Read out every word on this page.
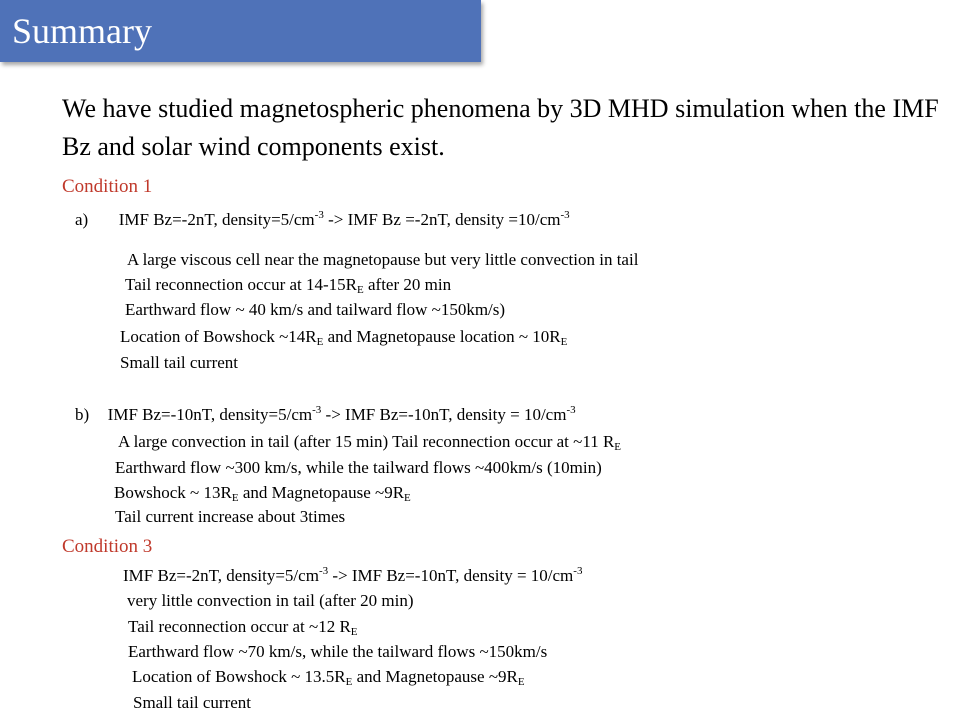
Summary
We have studied magnetospheric phenomena by 3D MHD simulation when the IMF Bz and solar wind components exist.
Condition 1
a) IMF Bz=-2nT, $density=5/cm^{-3}$ -> IMF Bz =-2nT, density $=10/cm^{-3}$
A large viscous cell near the magnetopause but very little convection in tail
Tail reconnection occur at $14-15R_E$ after 20 min
Earthward flow ~ 40 km/s and tailward flow ~150km/s)
Location of Bowshock $\sim 14R_E$ and Magnetopause location ~ $10R_E$
Small tail current
b) IMF Bz=-10nT, $density=5/cm^{-3}$ -> IMF Bz=-10nT, density = $10/cm^{-3}$
A large convection in tail (after 15 min) Tail reconnection occur at ~11 $R_E$
Earthward flow ~300 km/s, while the tailward flows ~400km/s (10min)
Bowshock ~ $13R_E$ and Magnetopause $\sim 9R_E$
Tail current increase about 3times
Condition 3
IMF Bz=-2nT, $density=5/cm^{-3}$ -> IMF Bz=-10nT, density = $10/cm^{-3}$
very little convection in tail (after 20 min)
Tail reconnection occur at ~12 $R_E$
Earthward flow ~70 km/s, while the tailward flows ~150km/s
Location of Bowshock ~ $13.5R_E$ and Magnetopause $\sim 9R_E$
Small tail current
